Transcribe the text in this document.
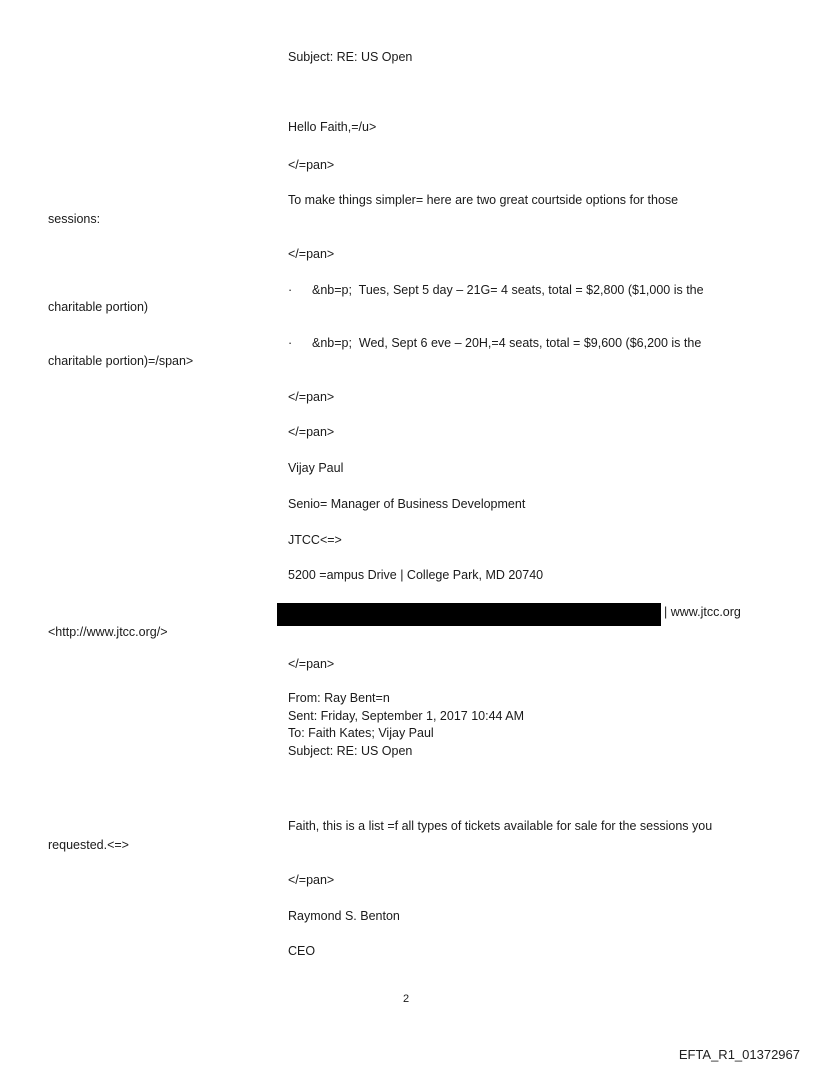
Subject: RE: US Open
Hello Faith,=/u>
</=pan>
To make things simpler= here are two great courtside options for those
sessions:
</=pan>
· &nb=p;  Tues, Sept 5 day – 21G= 4 seats, total = $2,800 ($1,000 is the
charitable portion)
· &nb=p;  Wed, Sept 6 eve – 20H,=4 seats, total = $9,600 ($6,200 is the
charitable portion)=/span>
</=pan>
</=pan>
Vijay Paul
Senio= Manager of Business Development
JTCC<=>
5200 =ampus Drive | College Park, MD 20740
| www.jtcc.org
<http://www.jtcc.org/>
</=pan>
From: Ray Bent=n
Sent: Friday, September 1, 2017 10:44 AM
To: Faith Kates; Vijay Paul
Subject: RE: US Open
Faith, this is a list =f all types of tickets available for sale for the sessions you
requested.<=>
</=pan>
Raymond S. Benton
CEO
2
EFTA_R1_01372967
